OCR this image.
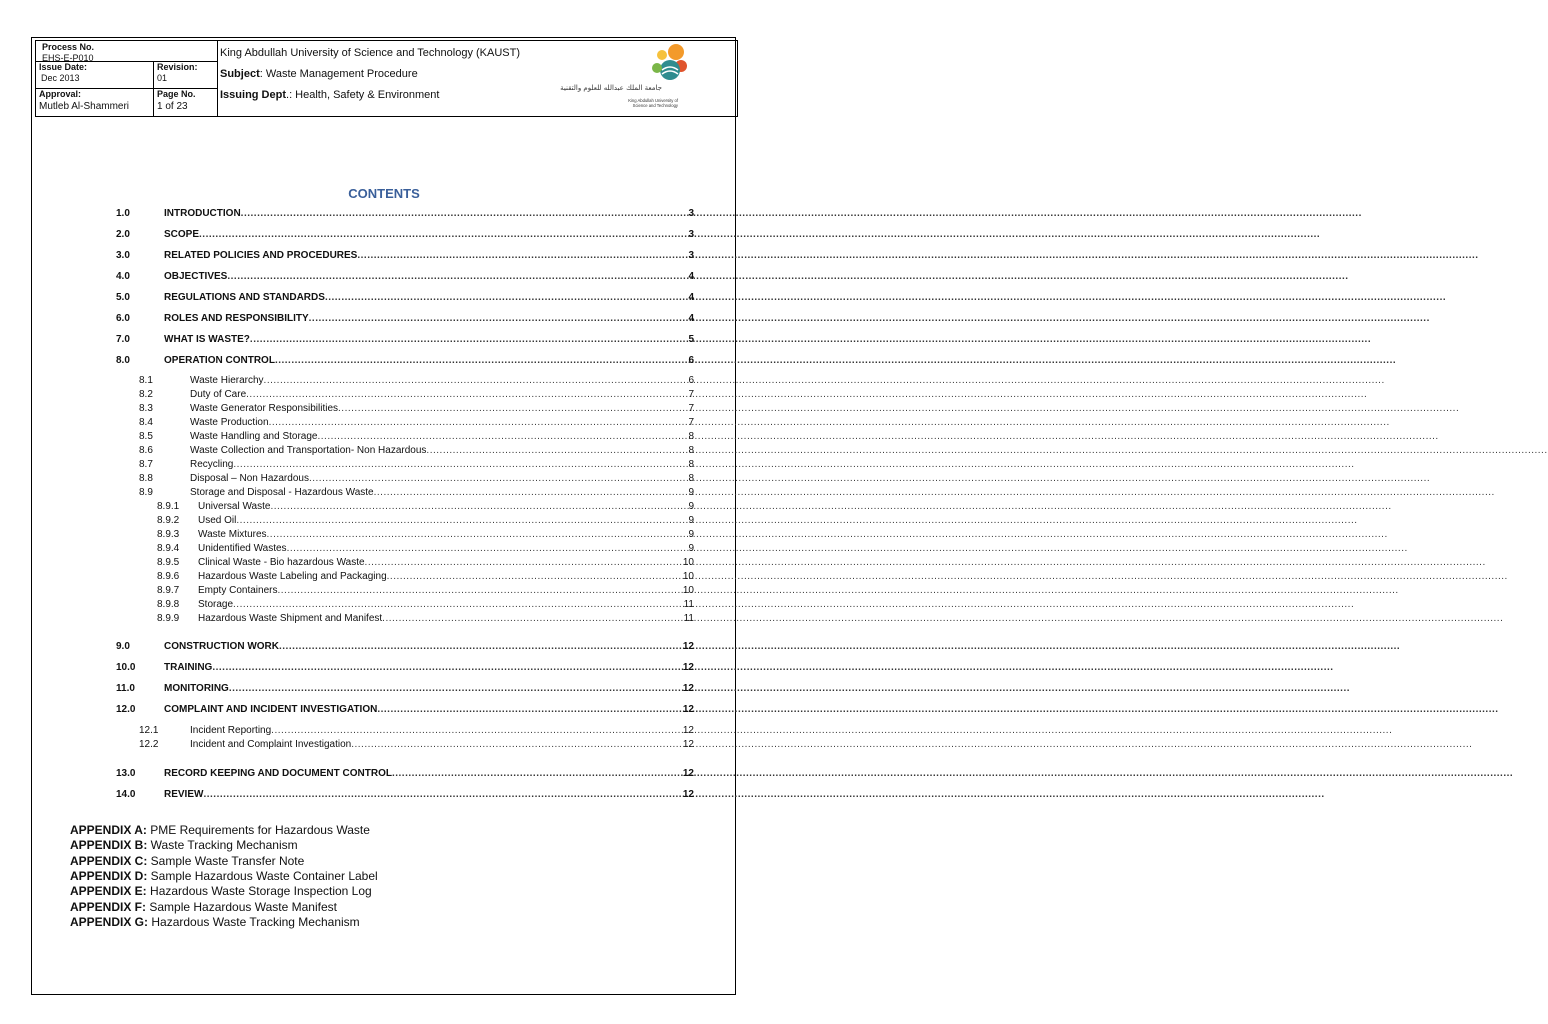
Process No.
EHS-E-P010
Issue Date:
Dec 2013
Revision:
01
Approval:
Mutleb Al-Shammeri
Page No.
1 of 23
King Abdullah University of Science and Technology (KAUST)
Subject: Waste Management Procedure
Issuing Dept.: Health, Safety & Environment
جامعة الملك عبدالله للعلوم والتقنية
King Abdullah University of
Science and Technology
CONTENTS
1.0	INTRODUCTION .....	3
2.0	SCOPE .....	3
3.0	RELATED POLICIES AND PROCEDURES .....	3
4.0	OBJECTIVES .....	4
5.0	REGULATIONS AND STANDARDS .....	4
6.0	ROLES AND RESPONSIBILITY .....	4
7.0	WHAT IS WASTE? .....	5
8.0	OPERATION CONTROL .....	6
8.1	Waste Hierarchy .....	6
8.2	Duty of Care .....	7
8.3	Waste Generator Responsibilities .....	7
8.4	Waste Production .....	7
8.5	Waste Handling and Storage .....	8
8.6	Waste Collection and Transportation- Non Hazardous .....	8
8.7	Recycling .....	8
8.8	Disposal – Non Hazardous .....	8
8.9	Storage and Disposal - Hazardous Waste .....	9
8.9.1 Universal Waste .....	9
8.9.2 Used Oil .....	9
8.9.3 Waste Mixtures .....	9
8.9.4 Unidentified Wastes .....	9
8.9.5 Clinical Waste - Bio hazardous Waste .....	10
8.9.6 Hazardous Waste Labeling and Packaging .....	10
8.9.7 Empty Containers .....	10
8.9.8 Storage .....	11
8.9.9 Hazardous Waste Shipment and Manifest .....	11
9.0	CONSTRUCTION WORK .....	12
10.0	TRAINING .....	12
11.0	MONITORING .....	12
12.0	COMPLAINT AND INCIDENT INVESTIGATION .....	12
12.1	Incident Reporting .....	12
12.2	Incident and Complaint Investigation .....	12
13.0	RECORD KEEPING AND DOCUMENT CONTROL .....	12
14.0	REVIEW .....	12
APPENDIX A: PME Requirements for Hazardous Waste
APPENDIX B: Waste Tracking Mechanism
APPENDIX C: Sample Waste Transfer Note
APPENDIX D: Sample Hazardous Waste Container Label
APPENDIX E: Hazardous Waste Storage Inspection Log
APPENDIX F: Sample Hazardous Waste Manifest
APPENDIX G: Hazardous Waste Tracking Mechanism
